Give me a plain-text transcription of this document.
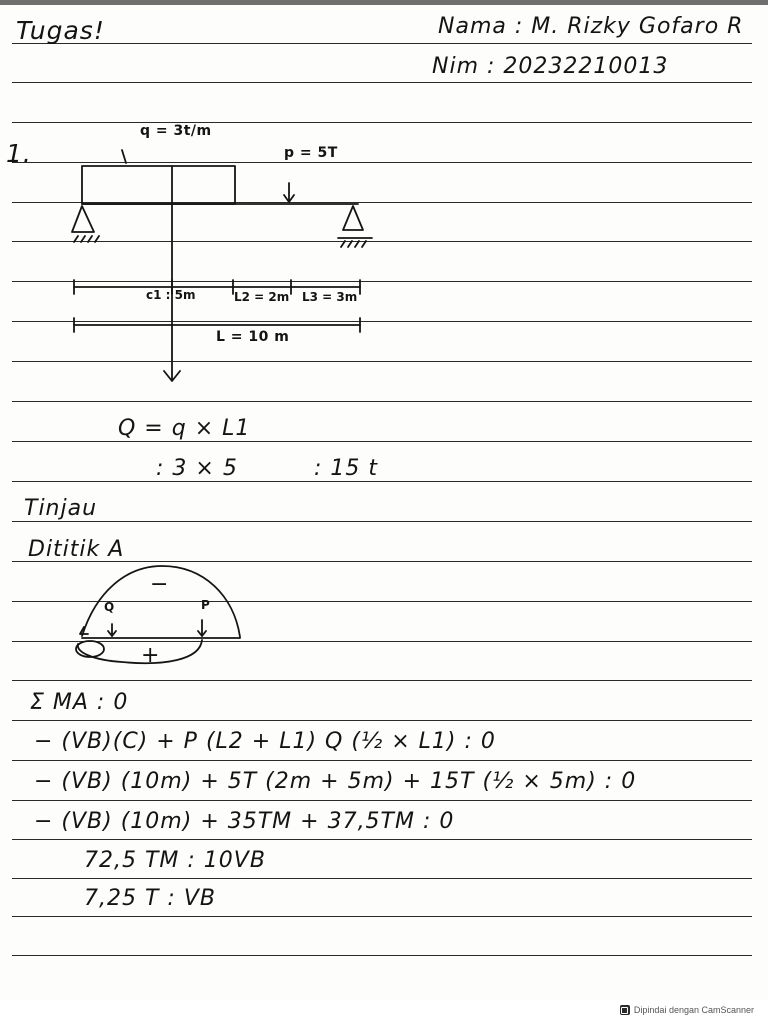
Tugas!	Nama : M. Rizky Gofaro R
Nim : 20232210013
1.
q = 3t/m
p = 5T
c1 : 5m	L2 = 2m L3 = 3m
L = 10 m
Q = q × L1
: 3 × 5	: 15 t
Tinjau
Dititik A
−
+
Q	P
Σ MA : 0
− (VB)(C) + P (L2 + L1) Q (½ × L1) : 0
− (VB) (10m) + 5T (2m + 5m) + 15T (½ × 5m) : 0
− (VB) (10m) + 35TM + 37,5TM : 0
72,5 TM : 10VB
7,25 T : VB
Dipindai dengan CamScanner
